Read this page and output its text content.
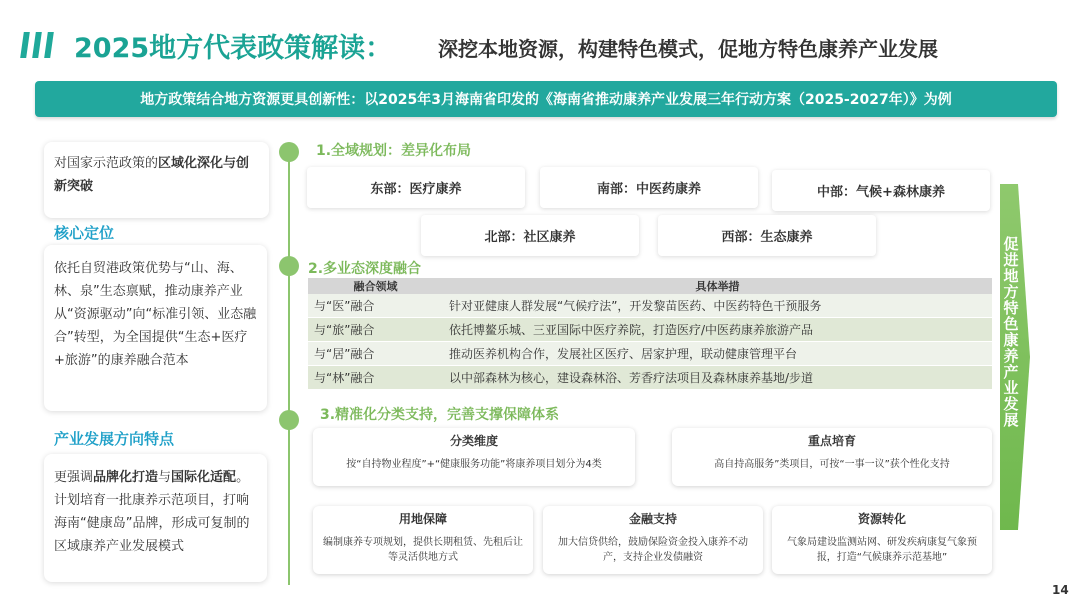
2025地方代表政策解读： 深挖本地资源，构建特色模式，促地方特色康养产业发展
地方政策结合地方资源更具创新性：以2025年3月海南省印发的《海南省推动康养产业发展三年行动方案（2025-2027年）》为例
对国家示范政策的区域化深化与创新突破
核心定位
依托自贸港政策优势与“山、海、林、泉”生态禀赋，推动康养产业从“资源驱动”向“标准引领、业态融合”转型，为全国提供“生态+医疗+旅游”的康养融合范本
产业发展方向特点
更强调品牌化打造与国际化适配。计划培育一批康养示范项目，打响海南“健康岛”品牌，形成可复制的区域康养产业发展模式
1.全域规划：差异化布局
东部：医疗康养	南部：中医药康养	中部：气候+森林康养
北部：社区康养	西部：生态康养
2.多业态深度融合
融合领域	具体举措
与“医”融合	针对亚健康人群发展“气候疗法”，开发黎苗医药、中医药特色干预服务
与“旅”融合	依托博鳌乐城、三亚国际中医疗养院，打造医疗/中医药康养旅游产品
与“居”融合	推动医养机构合作，发展社区医疗、居家护理，联动健康管理平台
与“林”融合	以中部森林为核心，建设森林浴、芳香疗法项目及森林康养基地/步道
3.精准化分类支持，完善支撑保障体系
分类维度
按“自持物业程度”+“健康服务功能”将康养项目划分为4类
重点培育
高自持高服务”类项目，可按“一事一议”获个性化支持
用地保障
编制康养专项规划，提供长期租赁、先租后让等灵活供地方式
金融支持
加大信贷供给，鼓励保险资金投入康养不动产，支持企业发债融资
资源转化
气象局建设监测站网、研发疾病康复气象预报，打造“气候康养示范基地”
促进地方特色康养产业发展
14
